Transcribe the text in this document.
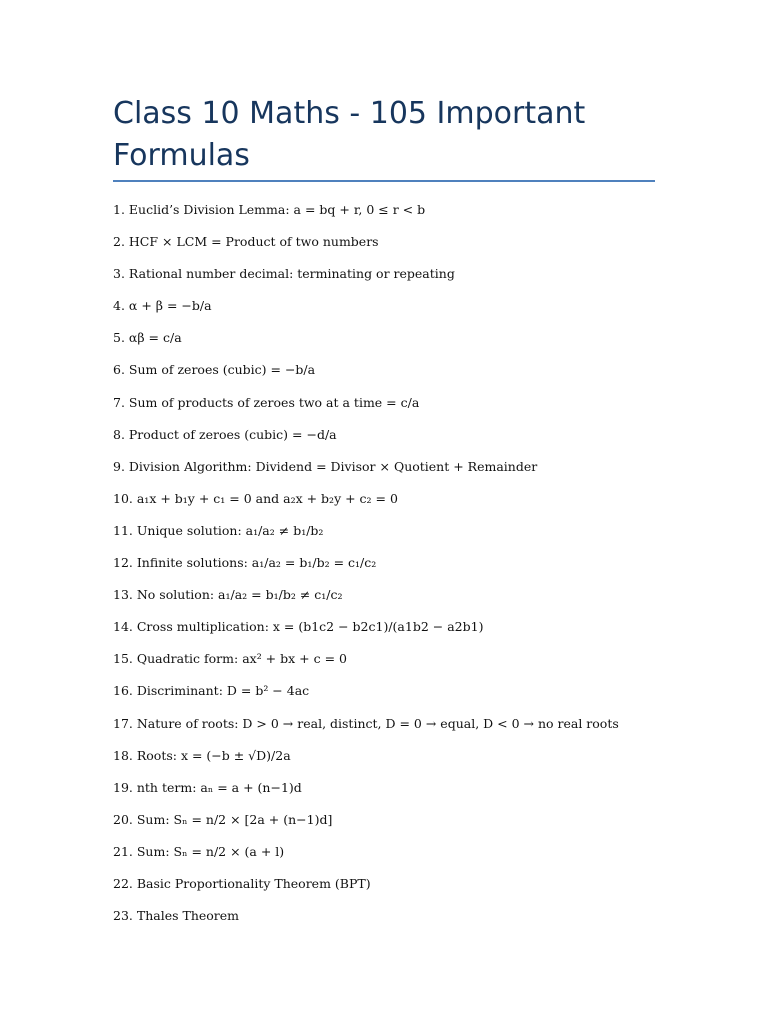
Class 10 Maths - 105 Important Formulas
1. Euclid’s Division Lemma: a = bq + r, 0 ≤ r < b
2. HCF × LCM = Product of two numbers
3. Rational number decimal: terminating or repeating
4. α + β = −b/a
5. αβ = c/a
6. Sum of zeroes (cubic) = −b/a
7. Sum of products of zeroes two at a time = c/a
8. Product of zeroes (cubic) = −d/a
9. Division Algorithm: Dividend = Divisor × Quotient + Remainder
10. a₁x + b₁y + c₁ = 0 and a₂x + b₂y + c₂ = 0
11. Unique solution: a₁/a₂ ≠ b₁/b₂
12. Infinite solutions: a₁/a₂ = b₁/b₂ = c₁/c₂
13. No solution: a₁/a₂ = b₁/b₂ ≠ c₁/c₂
14. Cross multiplication: x = (b1c2 − b2c1)/(a1b2 − a2b1)
15. Quadratic form: ax² + bx + c = 0
16. Discriminant: D = b² − 4ac
17. Nature of roots: D > 0 → real, distinct, D = 0 → equal, D < 0 → no real roots
18. Roots: x = (−b ± √D)/2a
19. nth term: aₙ = a + (n−1)d
20. Sum: Sₙ = n/2 × [2a + (n−1)d]
21. Sum: Sₙ = n/2 × (a + l)
22. Basic Proportionality Theorem (BPT)
23. Thales Theorem
